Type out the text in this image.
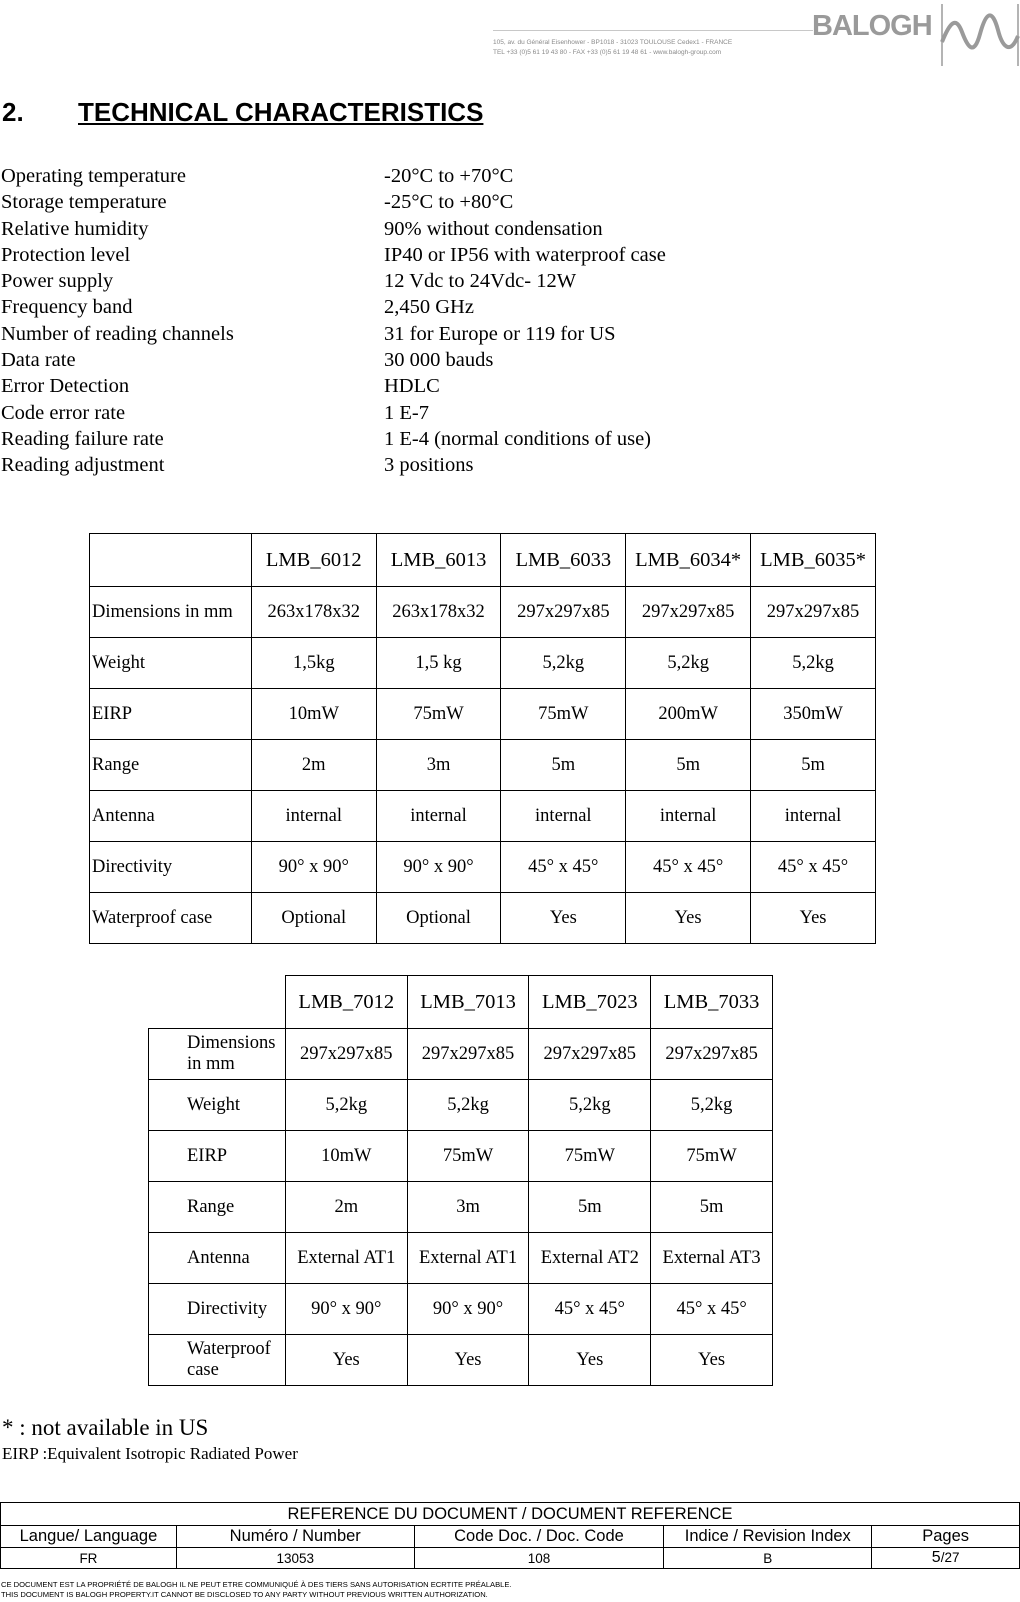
105, av. du Général Eisenhower - BP1018 - 31023 TOULOUSE Cedex1 - FRANCE
TEL +33 (0)5 61 19 43 80 - FAX +33 (0)5 61 19 48 61 - www.balogh-group.com
BALOGH
2. TECHNICAL CHARACTERISTICS
Operating temperature	-20°C to +70°C
Storage temperature	-25°C to +80°C
Relative humidity	90% without condensation
Protection level	IP40 or IP56 with waterproof case
Power supply	12 Vdc to 24Vdc- 12W
Frequency band	2,450 GHz
Number of reading channels	31 for Europe or 119 for US
Data rate	30 000 bauds
Error Detection	HDLC
Code error rate	1 E-7
Reading failure rate	1 E-4 (normal conditions of use)
Reading adjustment	3 positions
	LMB_6012	LMB_6013	LMB_6033	LMB_6034*	LMB_6035*
Dimensions in mm	263x178x32	263x178x32	297x297x85	297x297x85	297x297x85
Weight	1,5kg	1,5 kg	5,2kg	5,2kg	5,2kg
EIRP	10mW	75mW	75mW	200mW	350mW
Range	2m	3m	5m	5m	5m
Antenna	internal	internal	internal	internal	internal
Directivity	90° x 90°	90° x 90°	45° x 45°	45° x 45°	45° x 45°
Waterproof case	Optional	Optional	Yes	Yes	Yes
	LMB_7012	LMB_7013	LMB_7023	LMB_7033
Dimensions in mm	297x297x85	297x297x85	297x297x85	297x297x85
Weight	5,2kg	5,2kg	5,2kg	5,2kg
EIRP	10mW	75mW	75mW	75mW
Range	2m	3m	5m	5m
Antenna	External AT1	External AT1	External AT2	External AT3
Directivity	90° x 90°	90° x 90°	45° x 45°	45° x 45°
Waterproof case	Yes	Yes	Yes	Yes
* : not available in US
EIRP :Equivalent Isotropic Radiated Power
REFERENCE DU DOCUMENT / DOCUMENT REFERENCE				
Langue/ Language	Numéro / Number	Code Doc. / Doc. Code	Indice / Revision Index	Pages
FR	13053	108	B	5/27
CE DOCUMENT EST LA PROPRIÉTÉ DE BALOGH IL NE PEUT ETRE COMMUNIQUÉ À DES TIERS SANS AUTORISATION ECRTITE PRÉALABLE.
THIS DOCUMENT IS BALOGH PROPERTY.IT CANNOT BE DISCLOSED TO ANY PARTY WITHOUT PREVIOUS WRITTEN AUTHORIZATION.
